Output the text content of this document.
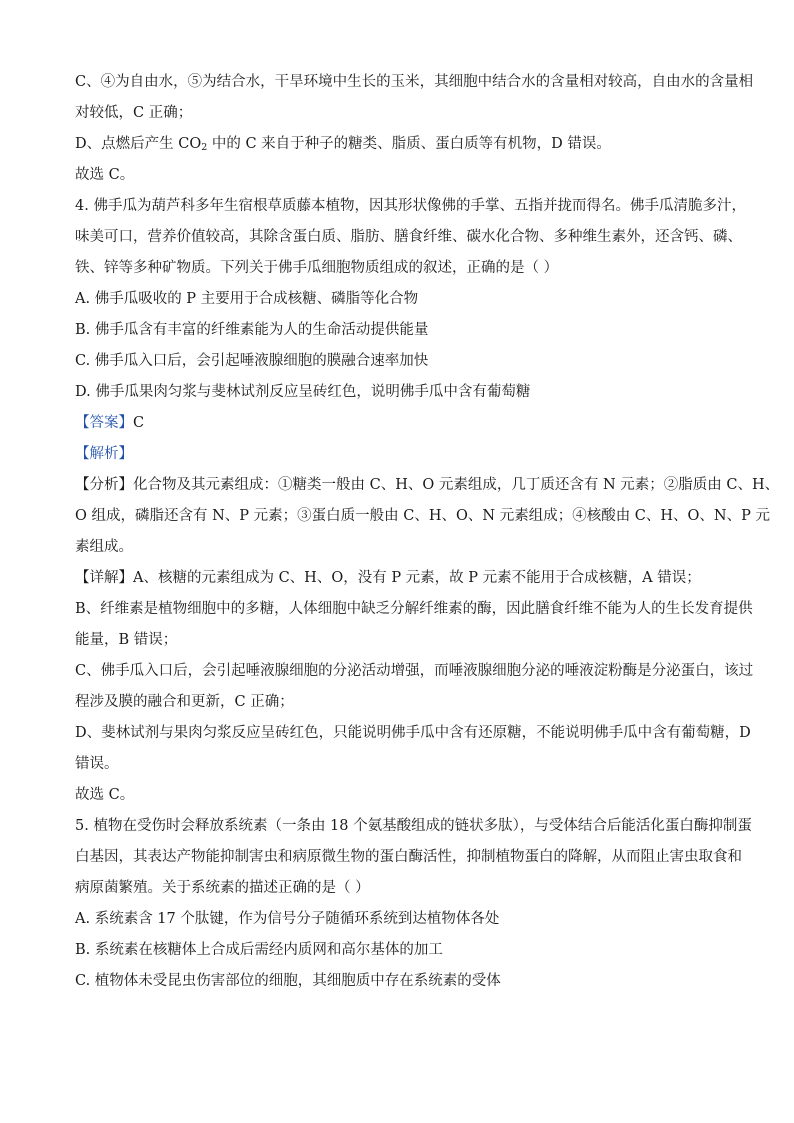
C、④为自由水，⑤为结合水，干旱环境中生长的玉米，其细胞中结合水的含量相对较高，自由水的含量相

对较低，C 正确；

D、点燃后产生 $CO_2$ 中的 C 来自于种子的糖类、脂质、蛋白质等有机物，D 错误。

故选 C。

4. 佛手瓜为葫芦科多年生宿根草质藤本植物，因其形状像佛的手掌、五指并拢而得名。佛手瓜清脆多汁，

味美可口，营养价值较高，其除含蛋白质、脂肪、膳食纤维、碳水化合物、多种维生素外，还含钙、磷、

铁、锌等多种矿物质。下列关于佛手瓜细胞物质组成的叙述，正确的是（ ）

A. 佛手瓜吸收的 P 主要用于合成核糖、磷脂等化合物

B. 佛手瓜含有丰富的纤维素能为人的生命活动提供能量

C. 佛手瓜入口后，会引起唾液腺细胞的膜融合速率加快

D. 佛手瓜果肉匀浆与斐林试剂反应呈砖红色，说明佛手瓜中含有葡萄糖

【答案】C

【解析】

【分析】化合物及其元素组成：①糖类一般由 C、H、O 元素组成，几丁质还含有 N 元素；②脂质由 C、H、

O 组成，磷脂还含有 N、P 元素；③蛋白质一般由 C、H、O、N 元素组成；④核酸由 C、H、O、N、P 元

素组成。

【详解】A、核糖的元素组成为 C、H、O，没有 P 元素，故 P 元素不能用于合成核糖，A 错误；

B、纤维素是植物细胞中的多糖，人体细胞中缺乏分解纤维素的酶，因此膳食纤维不能为人的生长发育提供

能量，B 错误；

C、佛手瓜入口后，会引起唾液腺细胞的分泌活动增强，而唾液腺细胞分泌的唾液淀粉酶是分泌蛋白，该过

程涉及膜的融合和更新，C 正确；

D、斐林试剂与果肉匀浆反应呈砖红色，只能说明佛手瓜中含有还原糖，不能说明佛手瓜中含有葡萄糖，D

错误。

故选 C。

5. 植物在受伤时会释放系统素（一条由 18 个氨基酸组成的链状多肽），与受体结合后能活化蛋白酶抑制蛋

白基因，其表达产物能抑制害虫和病原微生物的蛋白酶活性，抑制植物蛋白的降解，从而阻止害虫取食和

病原菌繁殖。关于系统素的描述正确的是（ ）

A. 系统素含 17 个肽键，作为信号分子随循环系统到达植物体各处

B. 系统素在核糖体上合成后需经内质网和高尔基体的加工

C. 植物体未受昆虫伤害部位的细胞，其细胞质中存在系统素的受体
